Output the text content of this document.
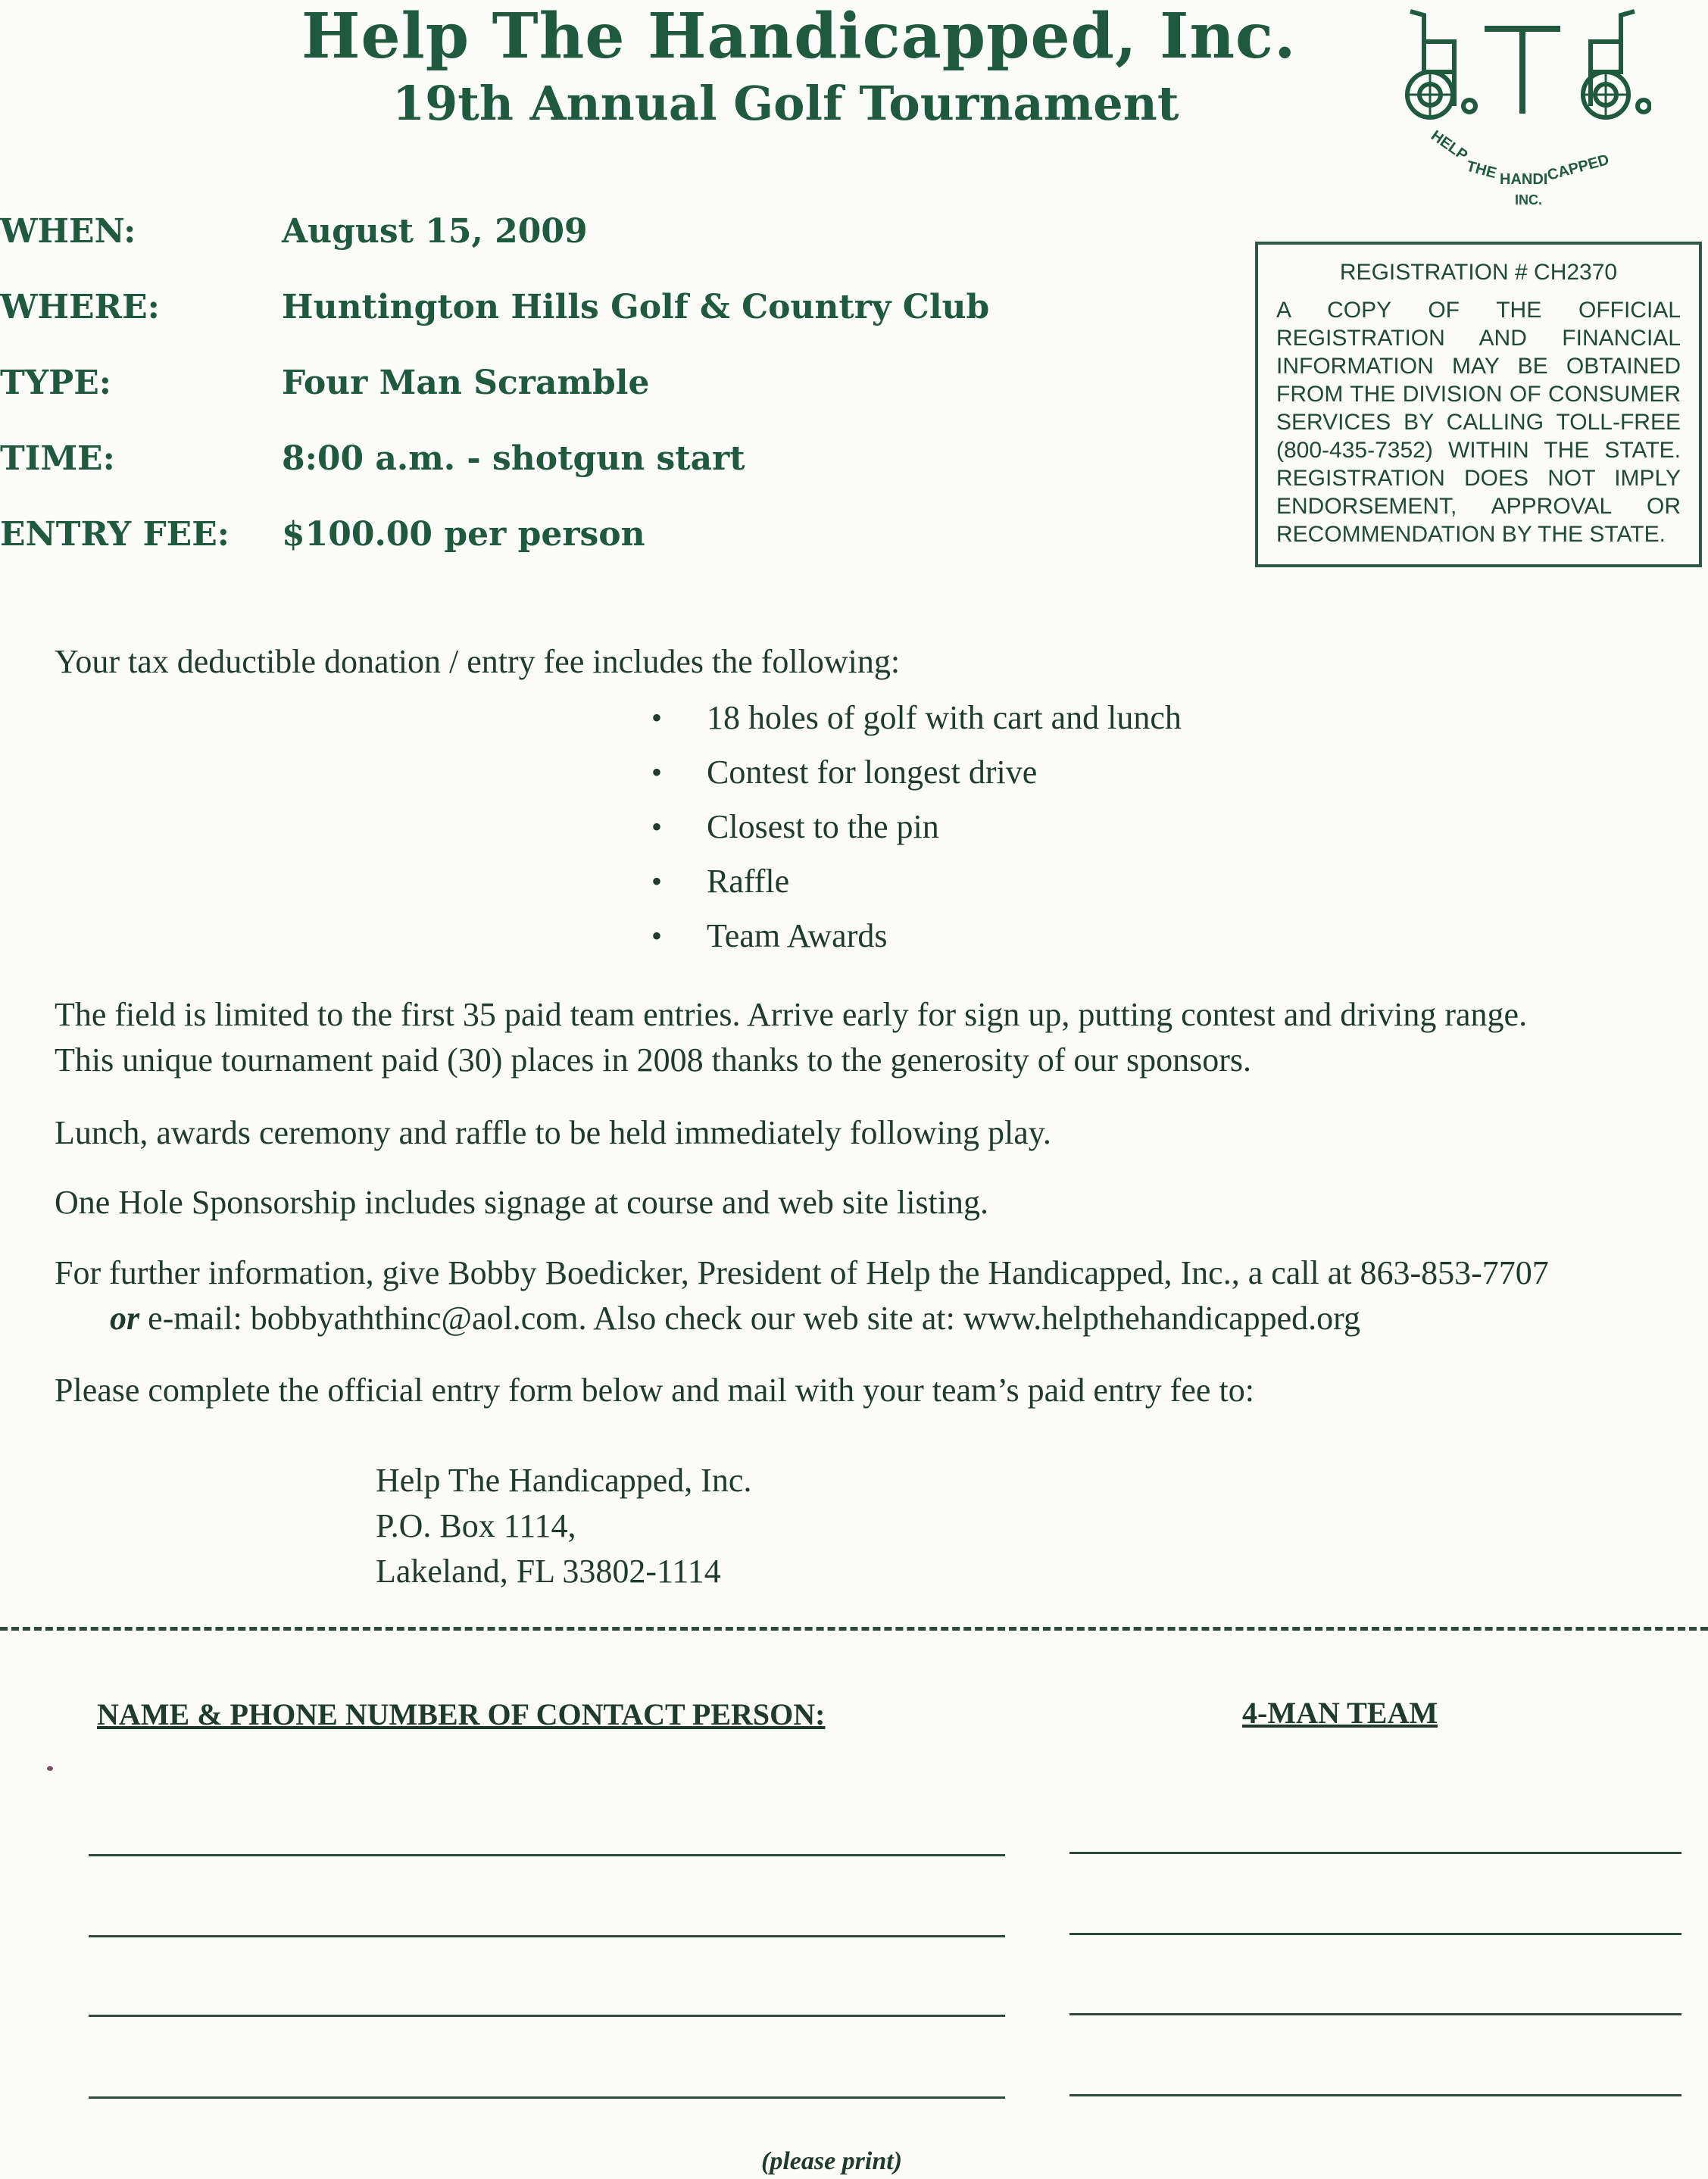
Help The Handicapped, Inc.
19th Annual Golf Tournament
HELP
THE HANDI
CAPPED
INC.
WHEN:	August 15, 2009
WHERE:	Huntington Hills Golf & Country Club
TYPE:	Four Man Scramble
TIME:	8:00 a.m. - shotgun start
ENTRY FEE: $100.00 per person
REGISTRATION # CH2370
A COPY OF THE OFFICIAL
REGISTRATION AND FINANCIAL
INFORMATION MAY BE OBTAINED
FROM THE DIVISION OF CONSUMER
SERVICES BY CALLING TOLL-FREE
(800-435-7352) WITHIN THE STATE.
REGISTRATION DOES NOT IMPLY
ENDORSEMENT, APPROVAL OR
RECOMMENDATION BY THE STATE.
Your tax deductible donation / entry fee includes the following:
• 18 holes of golf with cart and lunch
• Contest for longest drive
• Closest to the pin
• Raffle
• Team Awards
The field is limited to the first 35 paid team entries. Arrive early for sign up, putting contest and driving range.
This unique tournament paid (30) places in 2008 thanks to the generosity of our sponsors.
Lunch, awards ceremony and raffle to be held immediately following play.
One Hole Sponsorship includes signage at course and web site listing.
For further information, give Bobby Boedicker, President of Help the Handicapped, Inc., a call at 863-853-7707
or e-mail: bobbyaththinc@aol.com. Also check our web site at: www.helpthehandicapped.org
Please complete the official entry form below and mail with your team’s paid entry fee to:
Help The Handicapped, Inc.
P.O. Box 1114,
Lakeland, FL 33802-1114
NAME & PHONE NUMBER OF CONTACT PERSON:	4-MAN TEAM
(please print)
